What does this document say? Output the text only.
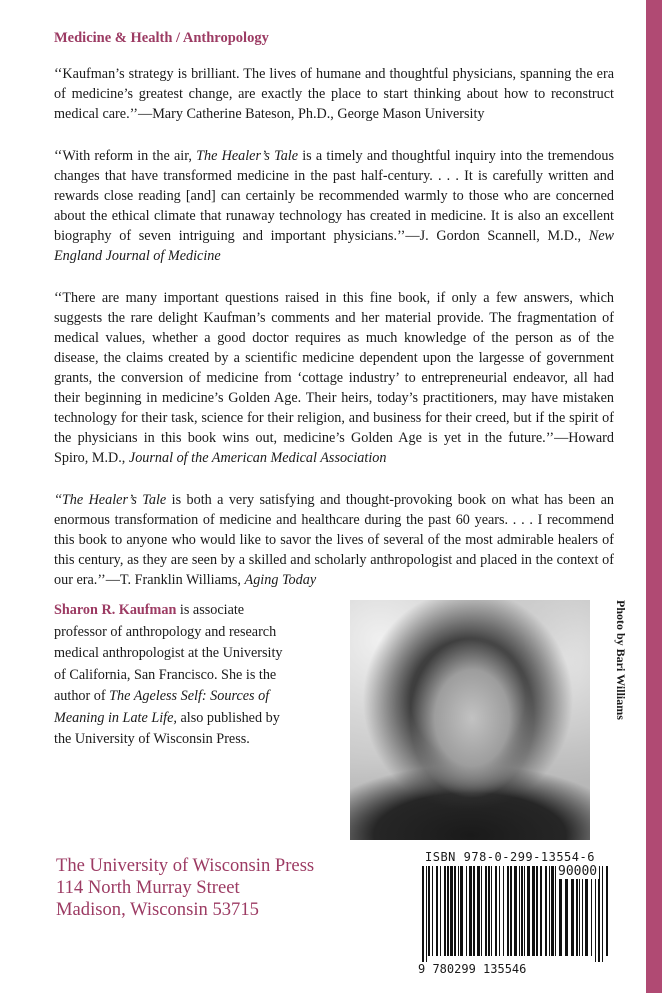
Medicine & Health / Anthropology

‘‘Kaufman’s strategy is brilliant. The lives of humane and thoughtful physicians, spanning the era of medicine’s greatest change, are exactly the place to start thinking about how to reconstruct medical care.’’—Mary Catherine Bateson, Ph.D., George Mason University

‘‘With reform in the air, The Healer’s Tale is a timely and thoughtful inquiry into the tremendous changes that have transformed medicine in the past half-century. . . . It is carefully written and rewards close reading [and] can certainly be recommended warmly to those who are concerned about the ethical climate that runaway technology has created in medicine. It is also an excellent biography of seven intriguing and important physicians.’’—J. Gordon Scannell, M.D., New England Journal of Medicine

‘‘There are many important questions raised in this fine book, if only a few answers, which suggests the rare delight Kaufman’s comments and her material provide. The fragmentation of medical values, whether a good doctor requires as much knowledge of the person as of the disease, the claims created by a scientific medicine dependent upon the largesse of government grants, the conversion of medicine from ‘cottage industry’ to entrepreneurial endeavor, all had their beginning in medicine’s Golden Age. Their heirs, today’s practitioners, may have mistaken technology for their task, science for their religion, and business for their creed, but if the spirit of the physicians in this book wins out, medicine’s Golden Age is yet in the future.’’—Howard Spiro, M.D., Journal of the American Medical Association

‘‘The Healer’s Tale is both a very satisfying and thought-provoking book on what has been an enormous transformation of medicine and healthcare during the past 60 years. . . . I recommend this book to anyone who would like to savor the lives of several of the most admirable healers of this century, as they are seen by a skilled and scholarly anthropologist and placed in the context of our era.’’—T. Franklin Williams, Aging Today

Sharon R. Kaufman is associate professor of anthropology and research medical anthropologist at the University of California, San Francisco. She is the author of The Ageless Self: Sources of Meaning in Late Life, also published by the University of Wisconsin Press.
Photo by Bari Williams
The University of Wisconsin Press
114 North Murray Street
Madison, Wisconsin 53715
ISBN 978-0-299-13554-6
90000
9 780299 135546
